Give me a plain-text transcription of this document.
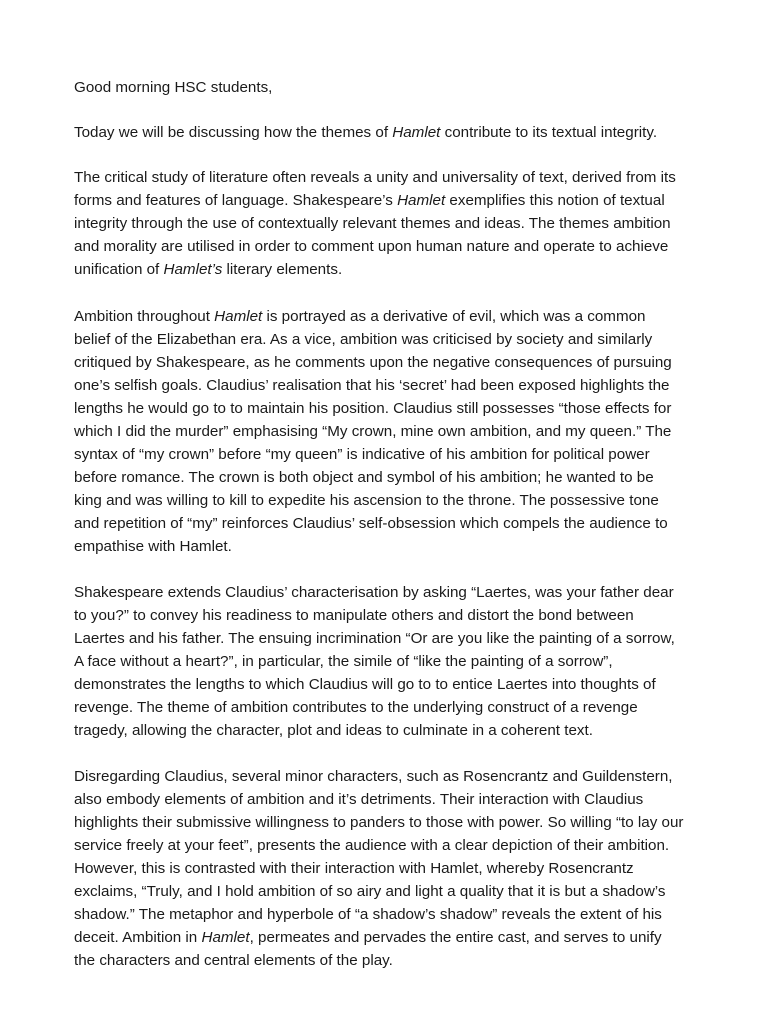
Good morning HSC students,
Today we will be discussing how the themes of Hamlet contribute to its textual integrity.
The critical study of literature often reveals a unity and universality of text, derived from its
forms and features of language. Shakespeare’s Hamlet exemplifies this notion of textual
integrity through the use of contextually relevant themes and ideas. The themes ambition
and morality are utilised in order to comment upon human nature and operate to achieve
unification of Hamlet’s literary elements.
Ambition throughout Hamlet is portrayed as a derivative of evil, which was a common
belief of the Elizabethan era. As a vice, ambition was criticised by society and similarly
critiqued by Shakespeare, as he comments upon the negative consequences of pursuing
one’s selfish goals. Claudius’ realisation that his ‘secret’ had been exposed highlights the
lengths he would go to to maintain his position. Claudius still possesses “those effects for
which I did the murder” emphasising “My crown, mine own ambition, and my queen.” The
syntax of “my crown” before “my queen” is indicative of his ambition for political power
before romance. The crown is both object and symbol of his ambition; he wanted to be
king and was willing to kill to expedite his ascension to the throne. The possessive tone
and repetition of “my” reinforces Claudius’ self-obsession which compels the audience to
empathise with Hamlet.
Shakespeare extends Claudius’ characterisation by asking “Laertes, was your father dear
to you?” to convey his readiness to manipulate others and distort the bond between
Laertes and his father. The ensuing incrimination “Or are you like the painting of a sorrow,
A face without a heart?”, in particular, the simile of “like the painting of a sorrow”,
demonstrates the lengths to which Claudius will go to to entice Laertes into thoughts of
revenge. The theme of ambition contributes to the underlying construct of a revenge
tragedy, allowing the character, plot and ideas to culminate in a coherent text.
Disregarding Claudius, several minor characters, such as Rosencrantz and Guildenstern,
also embody elements of ambition and it’s detriments. Their interaction with Claudius
highlights their submissive willingness to panders to those with power. So willing “to lay our
service freely at your feet”, presents the audience with a clear depiction of their ambition.
However, this is contrasted with their interaction with Hamlet, whereby Rosencrantz
exclaims, “Truly, and I hold ambition of so airy and light a quality that it is but a shadow’s
shadow.” The metaphor and hyperbole of “a shadow’s shadow” reveals the extent of his
deceit. Ambition in Hamlet, permeates and pervades the entire cast, and serves to unify
the characters and central elements of the play.
